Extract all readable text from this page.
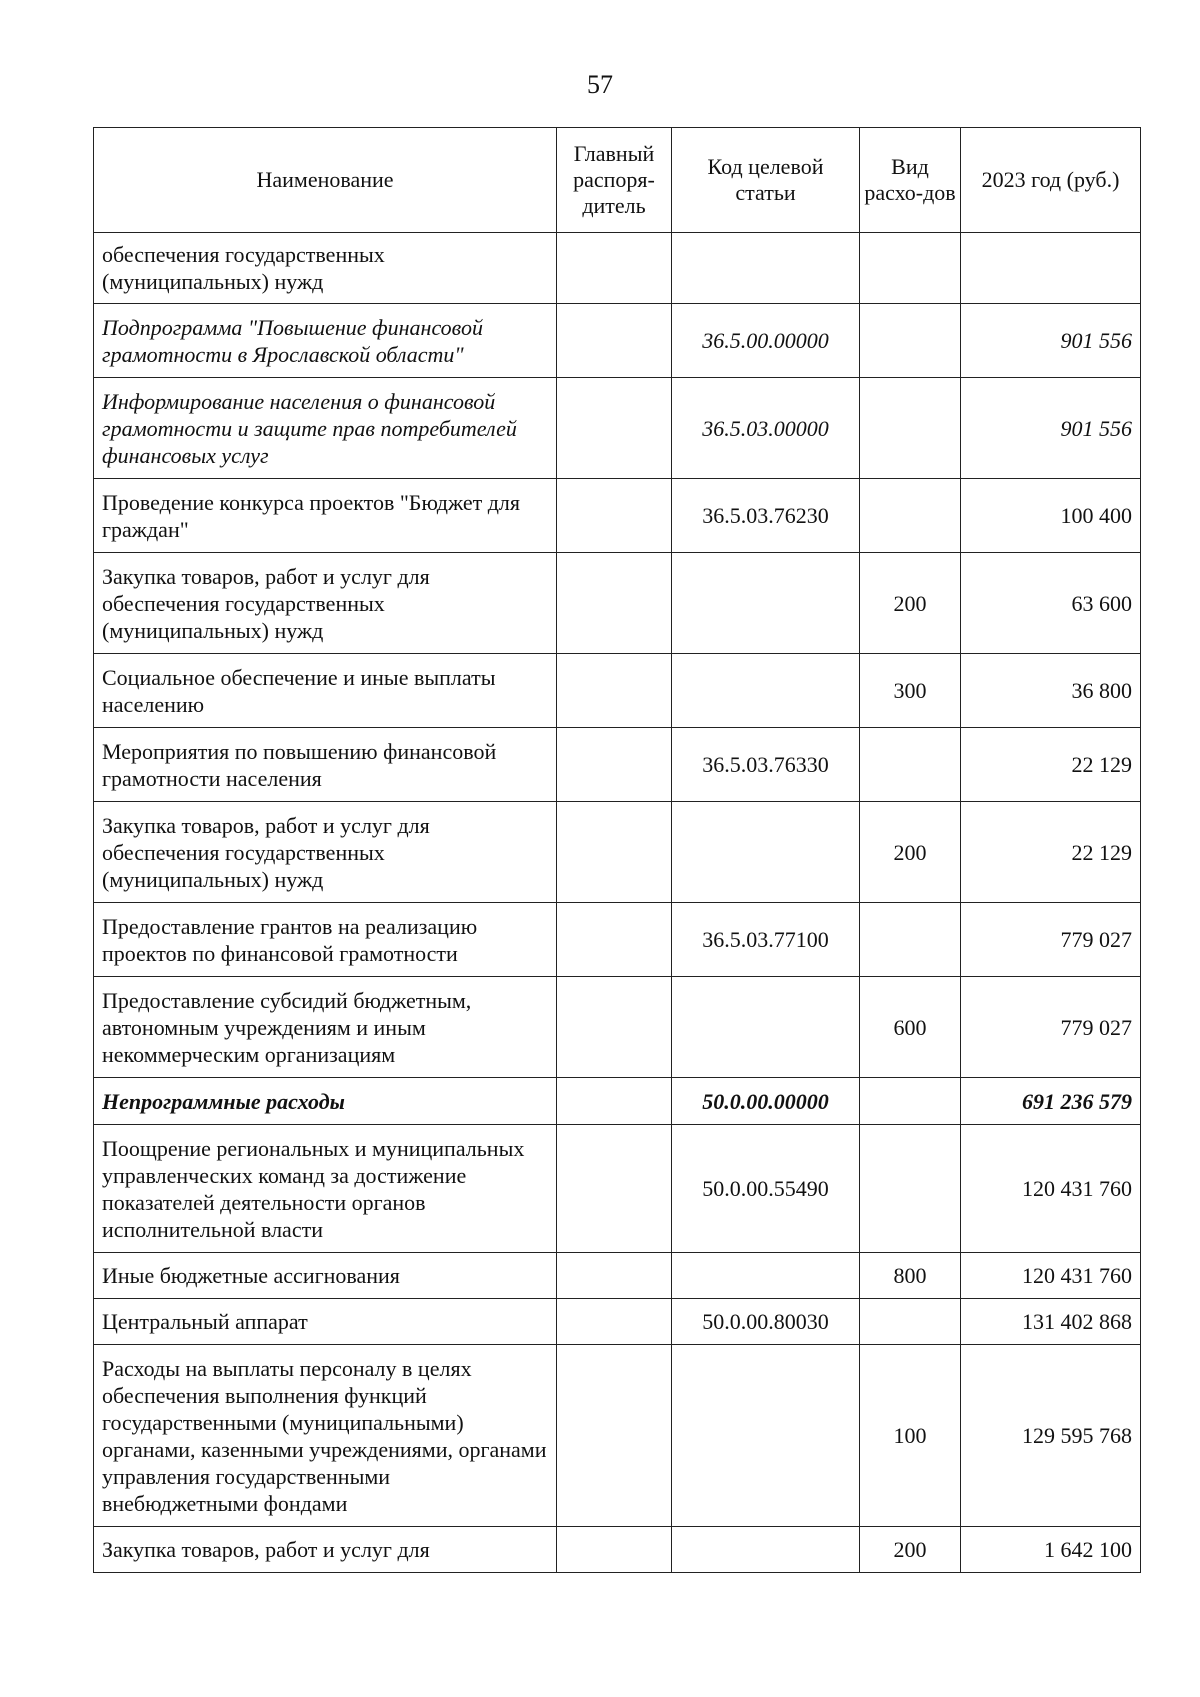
57
Наименование	Главный распоря-дитель	Код целевой статьи	Вид расхо-дов	2023 год (руб.)
обеспечения государственных (муниципальных) нужд				
Подпрограмма "Повышение финансовой грамотности в Ярославской области"		36.5.00.00000		901 556
Информирование населения о финансовой грамотности и защите прав потребителей финансовых услуг		36.5.03.00000		901 556
Проведение конкурса проектов "Бюджет для граждан"		36.5.03.76230		100 400
Закупка товаров, работ и услуг для обеспечения государственных (муниципальных) нужд			200	63 600
Социальное обеспечение и иные выплаты населению			300	36 800
Мероприятия по повышению финансовой грамотности населения		36.5.03.76330		22 129
Закупка товаров, работ и услуг для обеспечения государственных (муниципальных) нужд			200	22 129
Предоставление грантов на реализацию проектов по финансовой грамотности		36.5.03.77100		779 027
Предоставление субсидий бюджетным, автономным учреждениям и иным некоммерческим организациям			600	779 027
Непрограммные расходы		50.0.00.00000		691 236 579
Поощрение региональных и муниципальных управленческих команд за достижение показателей деятельности органов исполнительной власти		50.0.00.55490		120 431 760
Иные бюджетные ассигнования			800	120 431 760
Центральный аппарат		50.0.00.80030		131 402 868
Расходы на выплаты персоналу в целях обеспечения выполнения функций государственными (муниципальными) органами, казенными учреждениями, органами управления государственными внебюджетными фондами			100	129 595 768
Закупка товаров, работ и услуг для			200	1 642 100
